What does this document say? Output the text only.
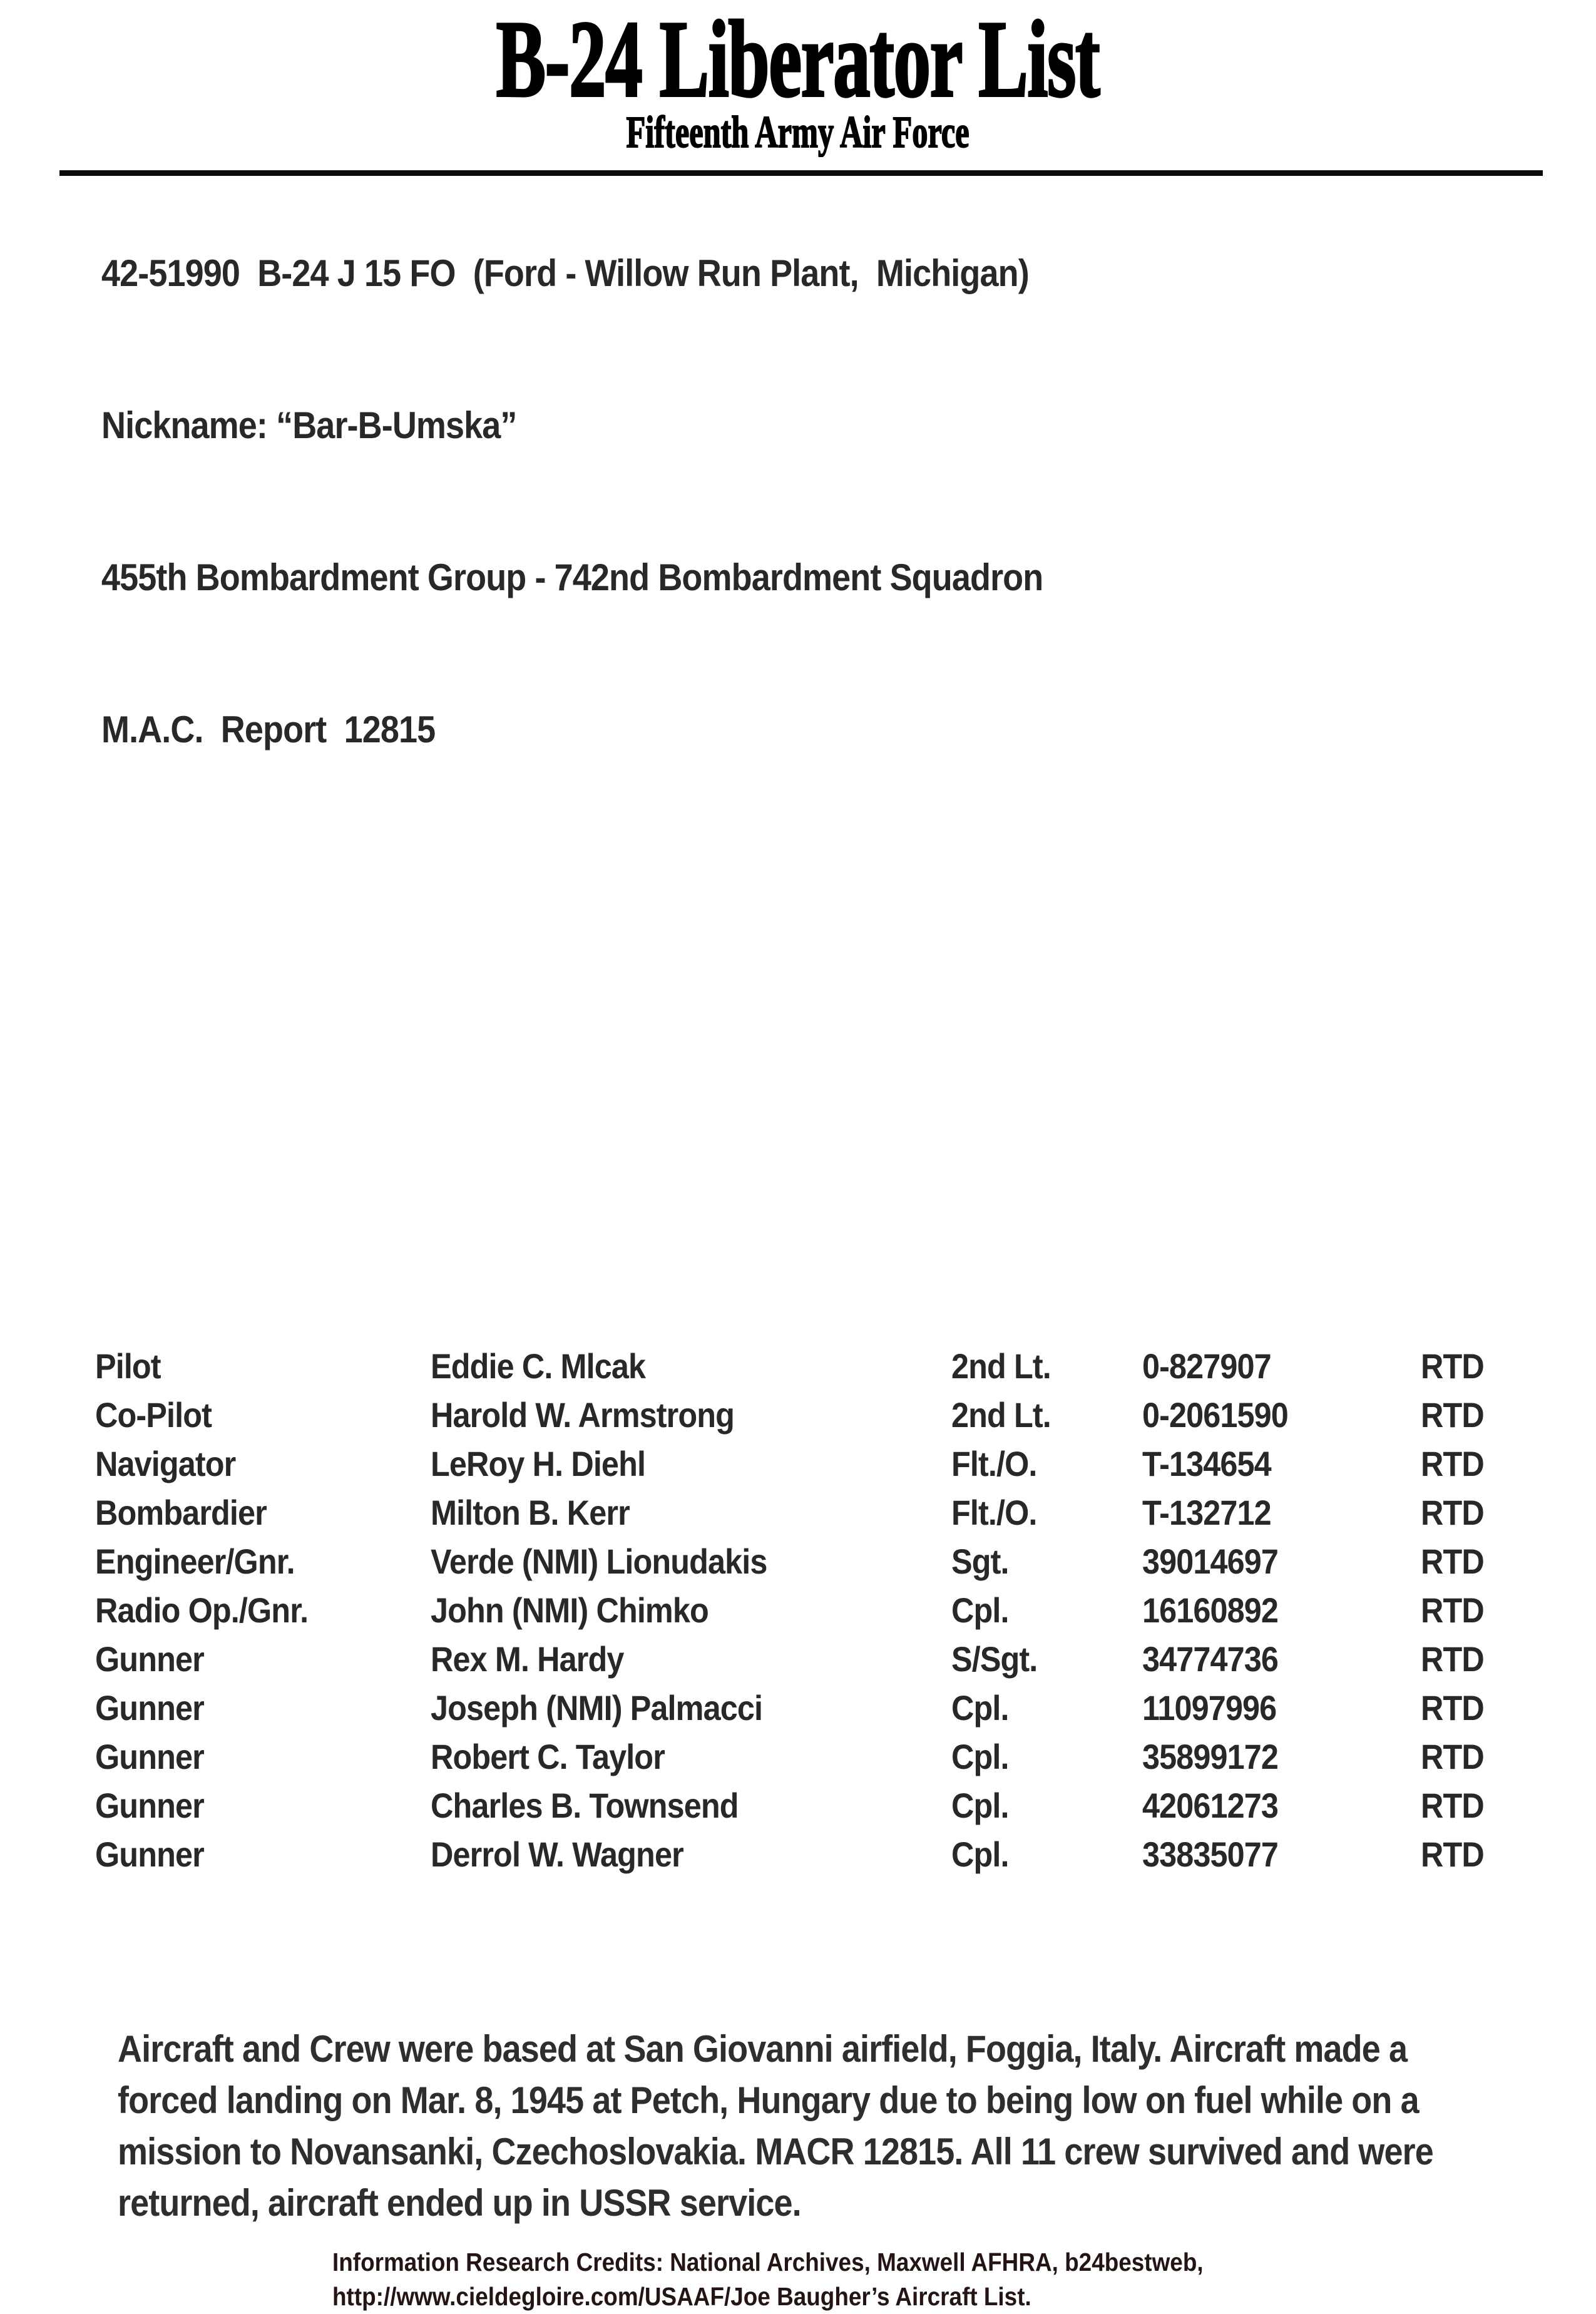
B-24 Liberator List
Fifteenth Army Air Force

42-51990  B-24 J 15 FO  (Ford - Willow Run Plant,  Michigan)

Nickname: “Bar-B-Umska”

455th Bombardment Group - 742nd Bombardment Squadron

M.A.C.  Report  12815

Pilot	Eddie C. Mlcak	2nd Lt.	0-827907	RTD
Co-Pilot	Harold W. Armstrong	2nd Lt.	0-2061590	RTD
Navigator	LeRoy H. Diehl	Flt./O.	T-134654	RTD
Bombardier	Milton B. Kerr	Flt./O.	T-132712	RTD
Engineer/Gnr.	Verde (NMI) Lionudakis	Sgt.	39014697	RTD
Radio Op./Gnr.	John (NMI) Chimko	Cpl.	16160892	RTD
Gunner	Rex M. Hardy	S/Sgt.	34774736	RTD
Gunner	Joseph (NMI) Palmacci	Cpl.	11097996	RTD
Gunner	Robert C. Taylor	Cpl.	35899172	RTD
Gunner	Charles B. Townsend	Cpl.	42061273	RTD
Gunner	Derrol W. Wagner	Cpl.	33835077	RTD
Aircraft and Crew were based at San Giovanni airfield, Foggia, Italy. Aircraft made a forced landing on Mar. 8, 1945 at Petch, Hungary due to being low on fuel while on a mission to Novansanki, Czechoslovakia. MACR 12815. All 11 crew survived and were returned, aircraft ended up in USSR service.
Information Research Credits: National Archives, Maxwell AFHRA, b24bestweb, http://www.cieldegloire.com/USAAF/Joe Baugher’s Aircraft List.
